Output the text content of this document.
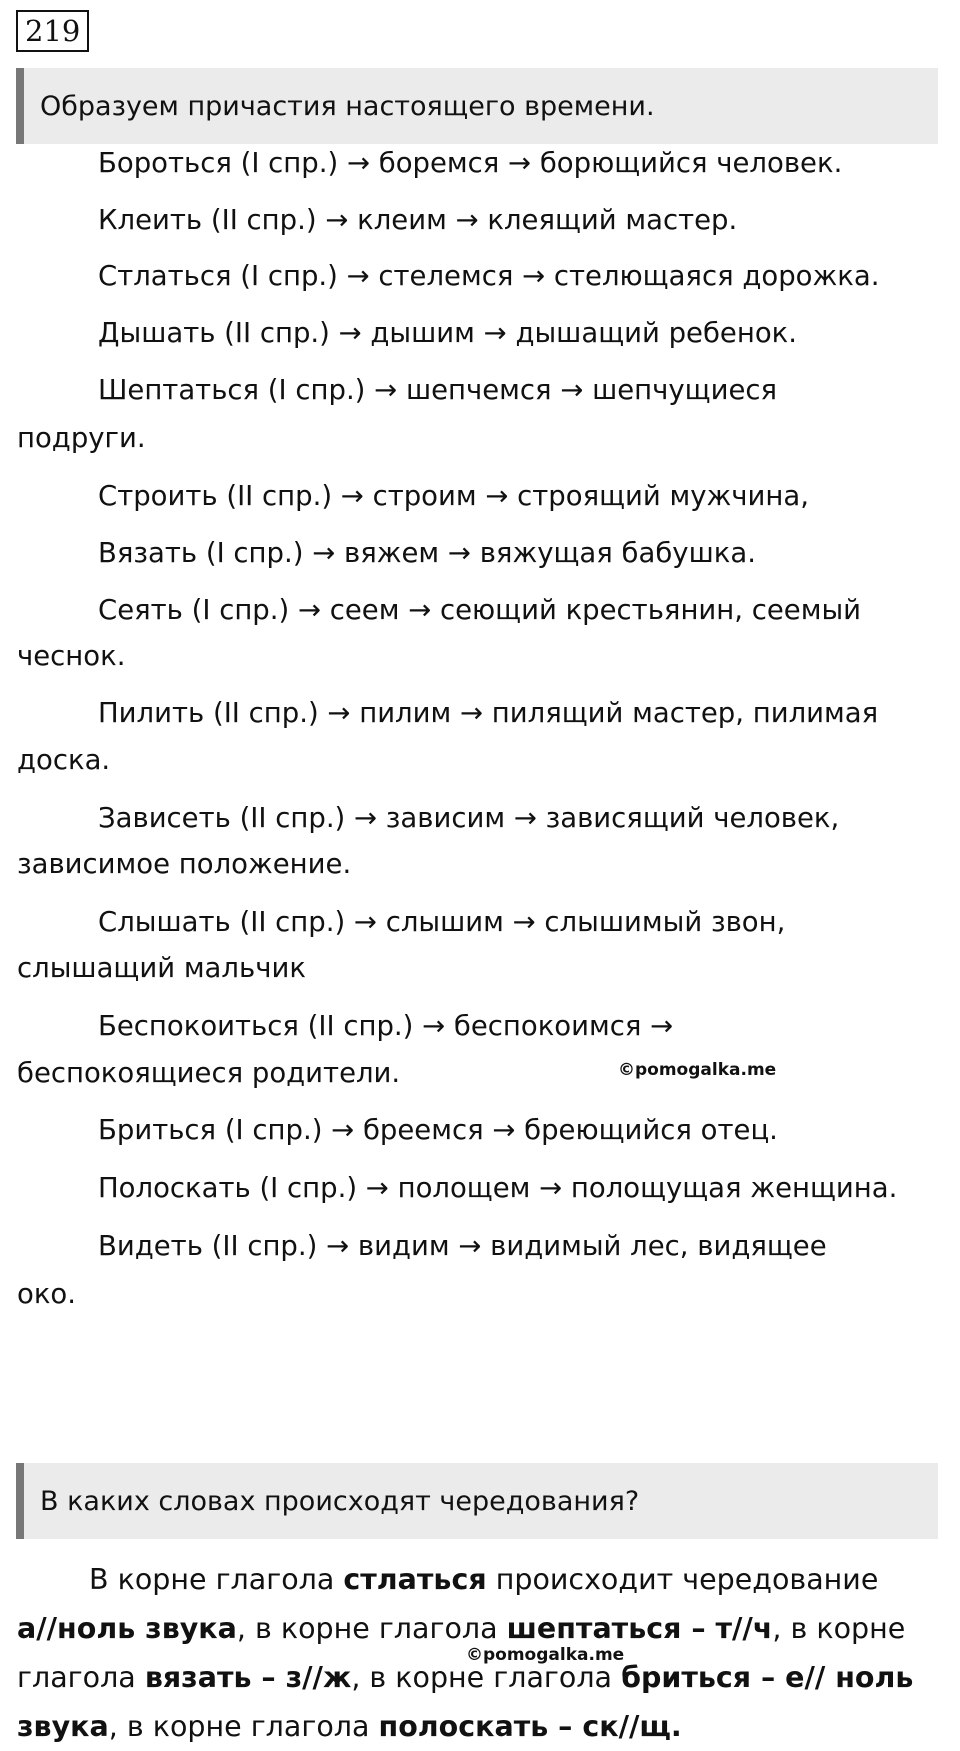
219
Образуем причастия настоящего времени.
Бороться (I спр.) → боремся → борющийся человек.
Клеить (II спр.) → клеим → клеящий мастер.
Стлаться (I спр.) → стелемся → стелющаяся дорожка.
Дышать (II спр.) → дышим → дышащий ребенок.
Шептаться (I спр.) → шепчемся → шепчущиеся
подруги.
Строить (II спр.) → строим → строящий мужчина,
Вязать (I спр.) → вяжем → вяжущая бабушка.
Сеять (I спр.) → сеем → сеющий крестьянин, сеемый
чеснок.
Пилить (II спр.) → пилим → пилящий мастер, пилимая
доска.
Зависеть (II спр.) → зависим → зависящий человек,
зависимое положение.
Слышать (II спр.) → слышим → слышимый звон,
слышащий мальчик
Беспокоиться (II спр.) → беспокоимся →
беспокоящиеся родители.	©pomogalka.me
Бриться (I спр.) → бреемся → бреющийся отец.
Полоскать (I спр.) → полощем → полощущая женщина.
Видеть (II спр.) → видим → видимый лес, видящее
око.
В каких словах происходят чередования?
В корне глагола стлаться происходит чередование
а//ноль звука, в корне глагола шептаться – т//ч, в корне
глагола вязать – з//ж, в корне глагола бриться – е// ноль
звука, в корне глагола полоскать – ск//щ.
©pomogalka.me
